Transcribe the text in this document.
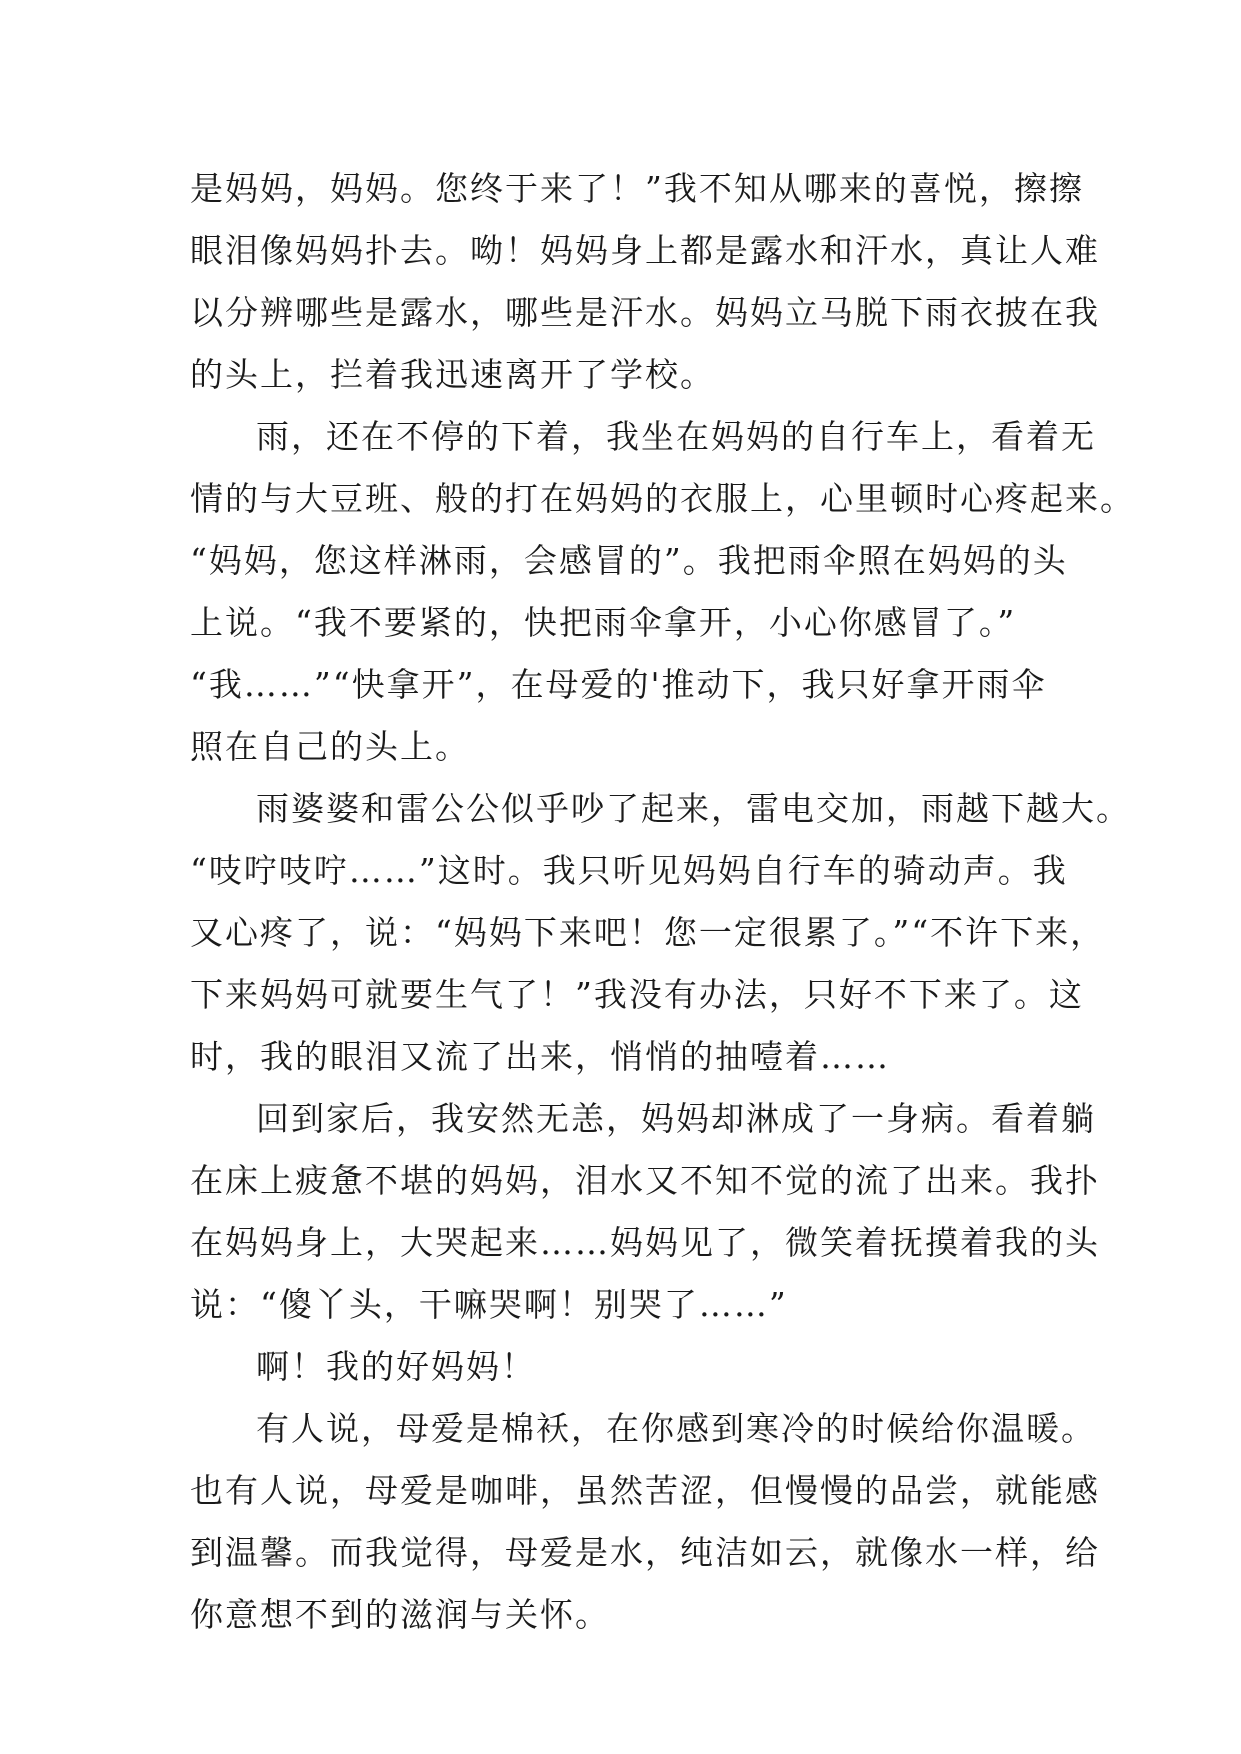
是妈妈，妈妈。您终于来了！”我不知从哪来的喜悦，擦擦
眼泪像妈妈扑去。呦！妈妈身上都是露水和汗水，真让人难
以分辨哪些是露水，哪些是汗水。妈妈立马脱下雨衣披在我
的头上，拦着我迅速离开了学校。
雨，还在不停的下着，我坐在妈妈的自行车上，看着无
情的与大豆班、般的打在妈妈的衣服上，心里顿时心疼起来。
“妈妈，您这样淋雨，会感冒的”。我把雨伞照在妈妈的头
上说。“我不要紧的，快把雨伞拿开，小心你感冒了。”
“我……”“快拿开”，在母爱的'推动下，我只好拿开雨伞
照在自己的头上。
雨婆婆和雷公公似乎吵了起来，雷电交加，雨越下越大。
“吱咛吱咛……”这时。我只听见妈妈自行车的骑动声。我
又心疼了，说：“妈妈下来吧！您一定很累了。”“不许下来，
下来妈妈可就要生气了！”我没有办法，只好不下来了。这
时，我的眼泪又流了出来，悄悄的抽噎着……
回到家后，我安然无恙，妈妈却淋成了一身病。看着躺
在床上疲惫不堪的妈妈，泪水又不知不觉的流了出来。我扑
在妈妈身上，大哭起来……妈妈见了，微笑着抚摸着我的头
说：“傻丫头，干嘛哭啊！别哭了……”
啊！我的好妈妈！
有人说，母爱是棉袄，在你感到寒冷的时候给你温暖。
也有人说，母爱是咖啡，虽然苦涩，但慢慢的品尝，就能感
到温馨。而我觉得，母爱是水，纯洁如云，就像水一样，给
你意想不到的滋润与关怀。
